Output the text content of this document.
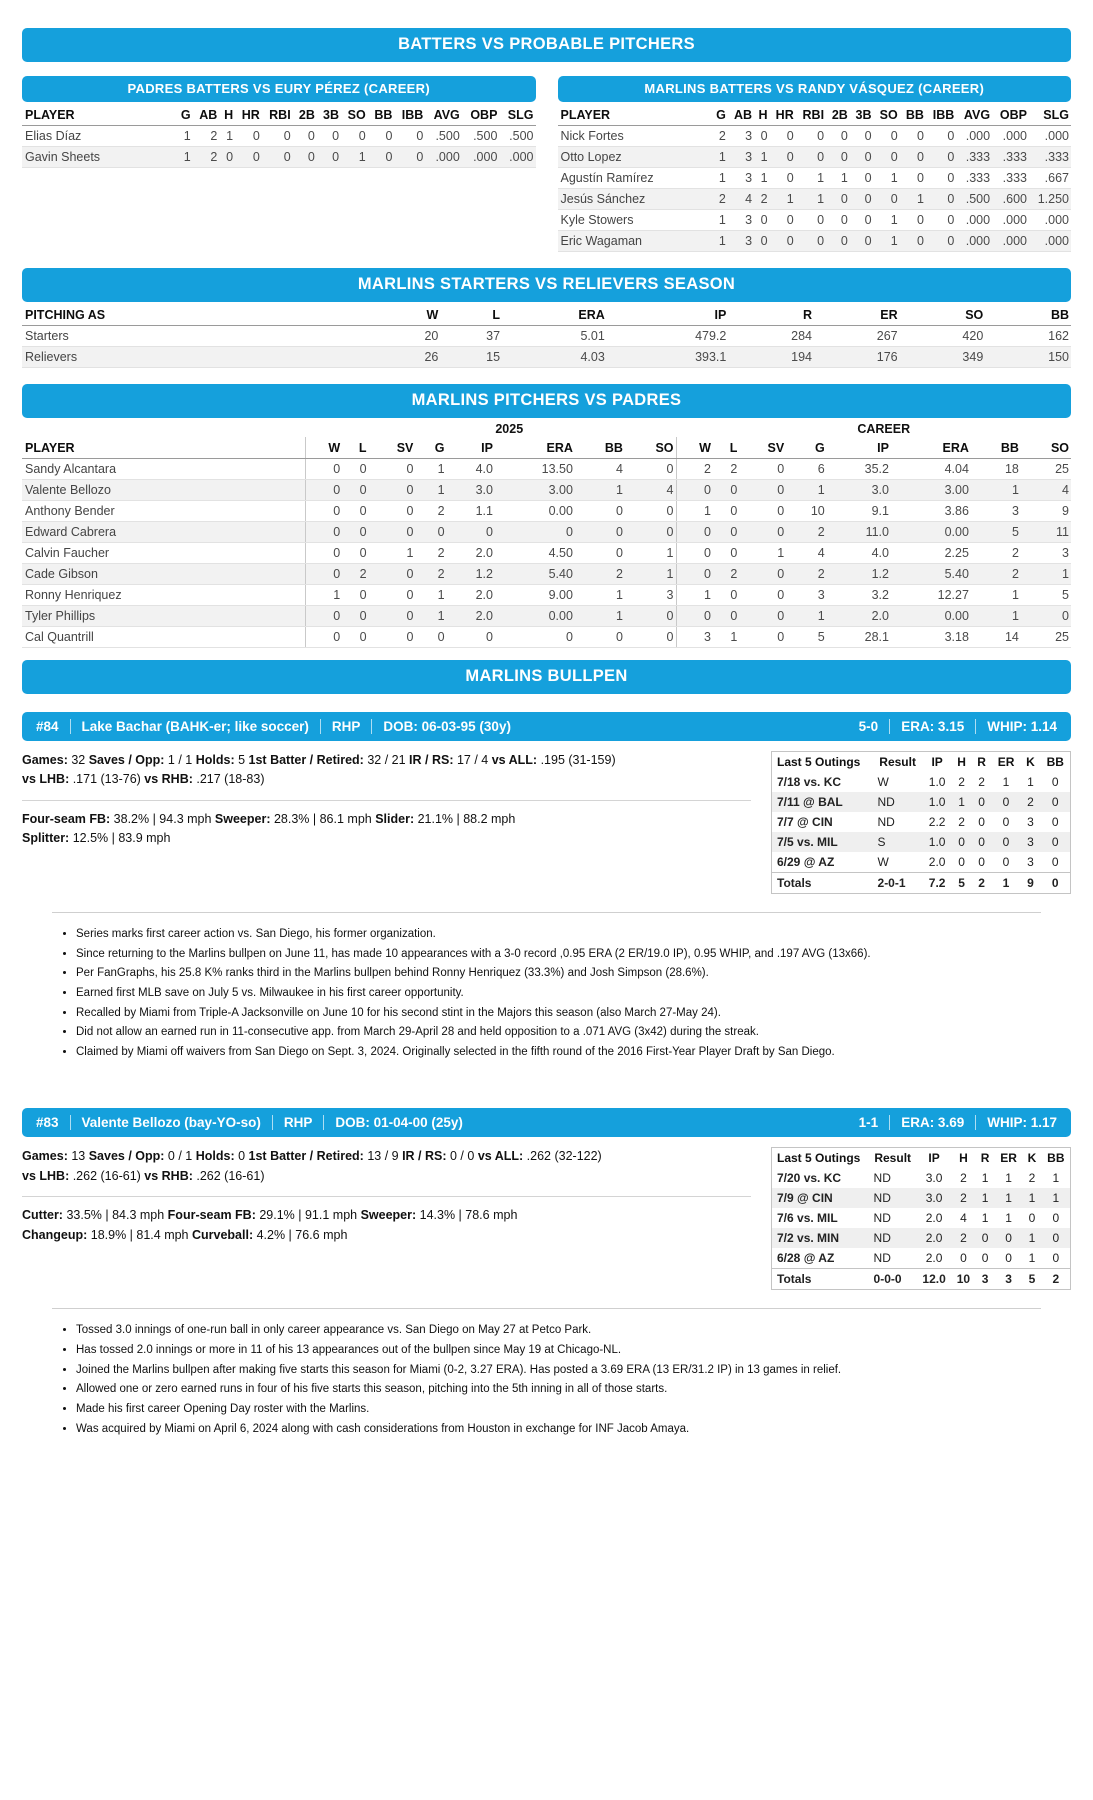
BATTERS VS PROBABLE PITCHERS
PADRES BATTERS VS EURY PÉREZ (CAREER)
PLAYER	G	AB	H	HR	RBI	2B	3B	SO	BB	IBB	AVG	OBP	SLG
Elias Díaz	1	2	1	0	0	0	0	0	0	0	.500	.500	.500
Gavin Sheets	1	2	0	0	0	0	0	1	0	0	.000	.000	.000
MARLINS BATTERS VS RANDY VÁSQUEZ (CAREER)
PLAYER	G	AB	H	HR	RBI	2B	3B	SO	BB	IBB	AVG	OBP	SLG
Nick Fortes	2	3	0	0	0	0	0	0	0	0	.000	.000	.000
Otto Lopez	1	3	1	0	0	0	0	0	0	0	.333	.333	.333
Agustín Ramírez	1	3	1	0	1	1	0	1	0	0	.333	.333	.667
Jesús Sánchez	2	4	2	1	1	0	0	0	1	0	.500	.600	1.250
Kyle Stowers	1	3	0	0	0	0	0	1	0	0	.000	.000	.000
Eric Wagaman	1	3	0	0	0	0	0	1	0	0	.000	.000	.000
MARLINS STARTERS VS RELIEVERS SEASON
PITCHING AS	W	L	ERA	IP	R	ER	SO	BB
Starters	20	37	5.01	479.2	284	267	420	162
Relievers	26	15	4.03	393.1	194	176	349	150
MARLINS PITCHERS VS PADRES
2025	CAREER
PLAYER	W	L	SV	G	IP	ERA	BB	SO	W	L	SV	G	IP	ERA	BB	SO
Sandy Alcantara	0	0	0	1	4.0	13.50	4	0	2	2	0	6	35.2	4.04	18	25
Valente Bellozo	0	0	0	1	3.0	3.00	1	4	0	0	0	1	3.0	3.00	1	4
Anthony Bender	0	0	0	2	1.1	0.00	0	0	1	0	0	10	9.1	3.86	3	9
Edward Cabrera	0	0	0	0	0	0	0	0	0	0	0	2	11.0	0.00	5	11
Calvin Faucher	0	0	1	2	2.0	4.50	0	1	0	0	1	4	4.0	2.25	2	3
Cade Gibson	0	2	0	2	1.2	5.40	2	1	0	2	0	2	1.2	5.40	2	1
Ronny Henriquez	1	0	0	1	2.0	9.00	1	3	1	0	0	3	3.2	12.27	1	5
Tyler Phillips	0	0	0	1	2.0	0.00	1	0	0	0	0	1	2.0	0.00	1	0
Cal Quantrill	0	0	0	0	0	0	0	0	3	1	0	5	28.1	3.18	14	25
MARLINS BULLPEN
#84 Lake Bachar (BAHK-er; like soccer) RHP DOB: 06-03-95 (30y)	5-0 ERA: 3.15 WHIP: 1.14
Games: 32 Saves / Opp: 1 / 1 Holds: 5 1st Batter / Retired: 32 / 21 IR / RS: 17 / 4 vs ALL: .195 (31-159)
vs LHB: .171 (13-76) vs RHB: .217 (18-83)
Four-seam FB: 38.2% | 94.3 mph Sweeper: 28.3% | 86.1 mph Slider: 21.1% | 88.2 mph
Splitter: 12.5% | 83.9 mph
Last 5 Outings	Result	IP	H	R	ER	K	BB
7/18 vs. KC	W	1.0	2	2	1	1	0
7/11 @ BAL	ND	1.0	1	0	0	2	0
7/7 @ CIN	ND	2.2	2	0	0	3	0
7/5 vs. MIL	S	1.0	0	0	0	3	0
6/29 @ AZ	W	2.0	0	0	0	3	0
Totals	2-0-1	7.2	5	2	1	9	0
• Series marks first career action vs. San Diego, his former organization.
• Since returning to the Marlins bullpen on June 11, has made 10 appearances with a 3-0 record ,0.95 ERA (2 ER/19.0 IP), 0.95 WHIP, and .197 AVG (13x66).
• Per FanGraphs, his 25.8 K% ranks third in the Marlins bullpen behind Ronny Henriquez (33.3%) and Josh Simpson (28.6%).
• Earned first MLB save on July 5 vs. Milwaukee in his first career opportunity.
• Recalled by Miami from Triple-A Jacksonville on June 10 for his second stint in the Majors this season (also March 27-May 24).
• Did not allow an earned run in 11-consecutive app. from March 29-April 28 and held opposition to a .071 AVG (3x42) during the streak.
• Claimed by Miami off waivers from San Diego on Sept. 3, 2024. Originally selected in the fifth round of the 2016 First-Year Player Draft by San Diego.
#83 Valente Bellozo (bay-YO-so) RHP DOB: 01-04-00 (25y)	1-1 ERA: 3.69 WHIP: 1.17
Games: 13 Saves / Opp: 0 / 1 Holds: 0 1st Batter / Retired: 13 / 9 IR / RS: 0 / 0 vs ALL: .262 (32-122)
vs LHB: .262 (16-61) vs RHB: .262 (16-61)
Cutter: 33.5% | 84.3 mph Four-seam FB: 29.1% | 91.1 mph Sweeper: 14.3% | 78.6 mph
Changeup: 18.9% | 81.4 mph Curveball: 4.2% | 76.6 mph
Last 5 Outings	Result	IP	H	R	ER	K	BB
7/20 vs. KC	ND	3.0	2	1	1	2	1
7/9 @ CIN	ND	3.0	2	1	1	1	1
7/6 vs. MIL	ND	2.0	4	1	1	0	0
7/2 vs. MIN	ND	2.0	2	0	0	1	0
6/28 @ AZ	ND	2.0	0	0	0	1	0
Totals	0-0-0	12.0	10	3	3	5	2
• Tossed 3.0 innings of one-run ball in only career appearance vs. San Diego on May 27 at Petco Park.
• Has tossed 2.0 innings or more in 11 of his 13 appearances out of the bullpen since May 19 at Chicago-NL.
• Joined the Marlins bullpen after making five starts this season for Miami (0-2, 3.27 ERA). Has posted a 3.69 ERA (13 ER/31.2 IP) in 13 games in relief.
• Allowed one or zero earned runs in four of his five starts this season, pitching into the 5th inning in all of those starts.
• Made his first career Opening Day roster with the Marlins.
• Was acquired by Miami on April 6, 2024 along with cash considerations from Houston in exchange for INF Jacob Amaya.
